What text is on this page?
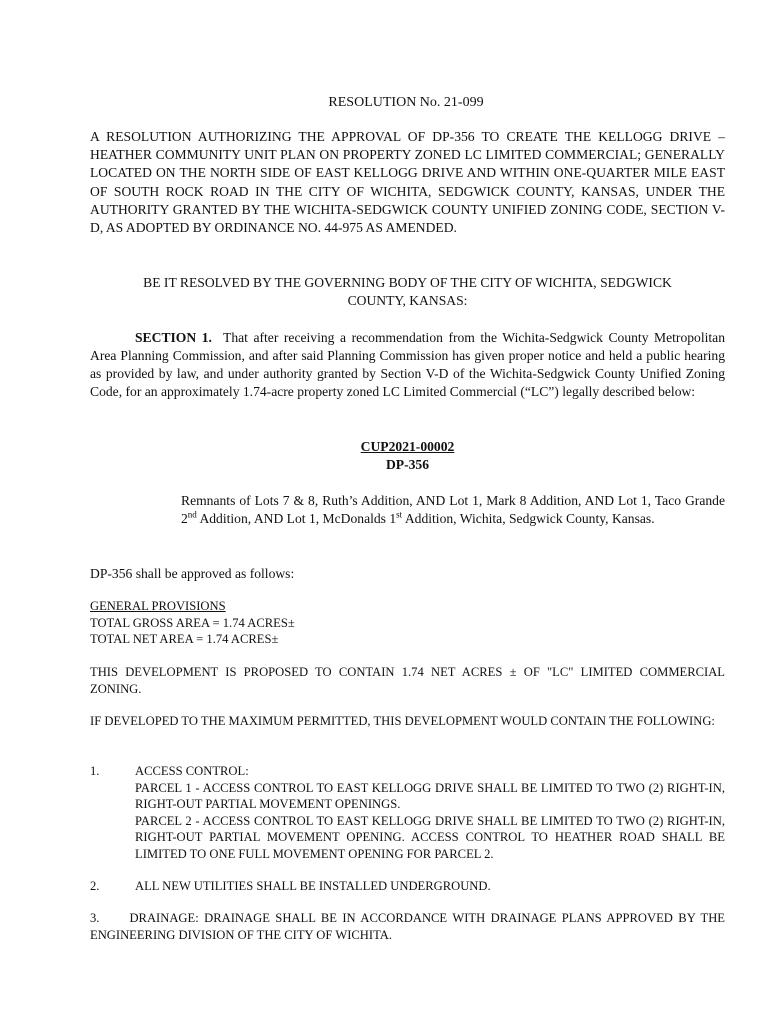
RESOLUTION No. 21-099
A RESOLUTION AUTHORIZING THE APPROVAL OF DP-356 TO CREATE THE KELLOGG DRIVE – HEATHER COMMUNITY UNIT PLAN ON PROPERTY ZONED LC LIMITED COMMERCIAL; GENERALLY LOCATED ON THE NORTH SIDE OF EAST KELLOGG DRIVE AND WITHIN ONE-QUARTER MILE EAST OF SOUTH ROCK ROAD IN THE CITY OF WICHITA, SEDGWICK COUNTY, KANSAS, UNDER THE AUTHORITY GRANTED BY THE WICHITA-SEDGWICK COUNTY UNIFIED ZONING CODE, SECTION V-D, AS ADOPTED BY ORDINANCE NO. 44-975 AS AMENDED.
BE IT RESOLVED BY THE GOVERNING BODY OF THE CITY OF WICHITA, SEDGWICK
COUNTY, KANSAS:
SECTION 1. That after receiving a recommendation from the Wichita-Sedgwick County Metropolitan Area Planning Commission, and after said Planning Commission has given proper notice and held a public hearing as provided by law, and under authority granted by Section V-D of the Wichita-Sedgwick County Unified Zoning Code, for an approximately 1.74-acre property zoned LC Limited Commercial (“LC”) legally described below:
CUP2021-00002
DP-356
Remnants of Lots 7 & 8, Ruth’s Addition, AND Lot 1, Mark 8 Addition, AND Lot 1, Taco Grande 2nd Addition, AND Lot 1, McDonalds 1st Addition, Wichita, Sedgwick County, Kansas.
DP-356 shall be approved as follows:
GENERAL PROVISIONS
TOTAL GROSS AREA = 1.74 ACRES±
TOTAL NET AREA = 1.74 ACRES±
THIS DEVELOPMENT IS PROPOSED TO CONTAIN 1.74 NET ACRES ± OF "LC" LIMITED COMMERCIAL ZONING.
IF DEVELOPED TO THE MAXIMUM PERMITTED, THIS DEVELOPMENT WOULD CONTAIN THE FOLLOWING:
1.	ACCESS CONTROL:
PARCEL 1 - ACCESS CONTROL TO EAST KELLOGG DRIVE SHALL BE LIMITED TO TWO (2) RIGHT-IN, RIGHT-OUT PARTIAL MOVEMENT OPENINGS.
PARCEL 2 - ACCESS CONTROL TO EAST KELLOGG DRIVE SHALL BE LIMITED TO TWO (2) RIGHT-IN, RIGHT-OUT PARTIAL MOVEMENT OPENING. ACCESS CONTROL TO HEATHER ROAD SHALL BE LIMITED TO ONE FULL MOVEMENT OPENING FOR PARCEL 2.
2.	ALL NEW UTILITIES SHALL BE INSTALLED UNDERGROUND.
3. DRAINAGE: DRAINAGE SHALL BE IN ACCORDANCE WITH DRAINAGE PLANS APPROVED BY THE ENGINEERING DIVISION OF THE CITY OF WICHITA.
